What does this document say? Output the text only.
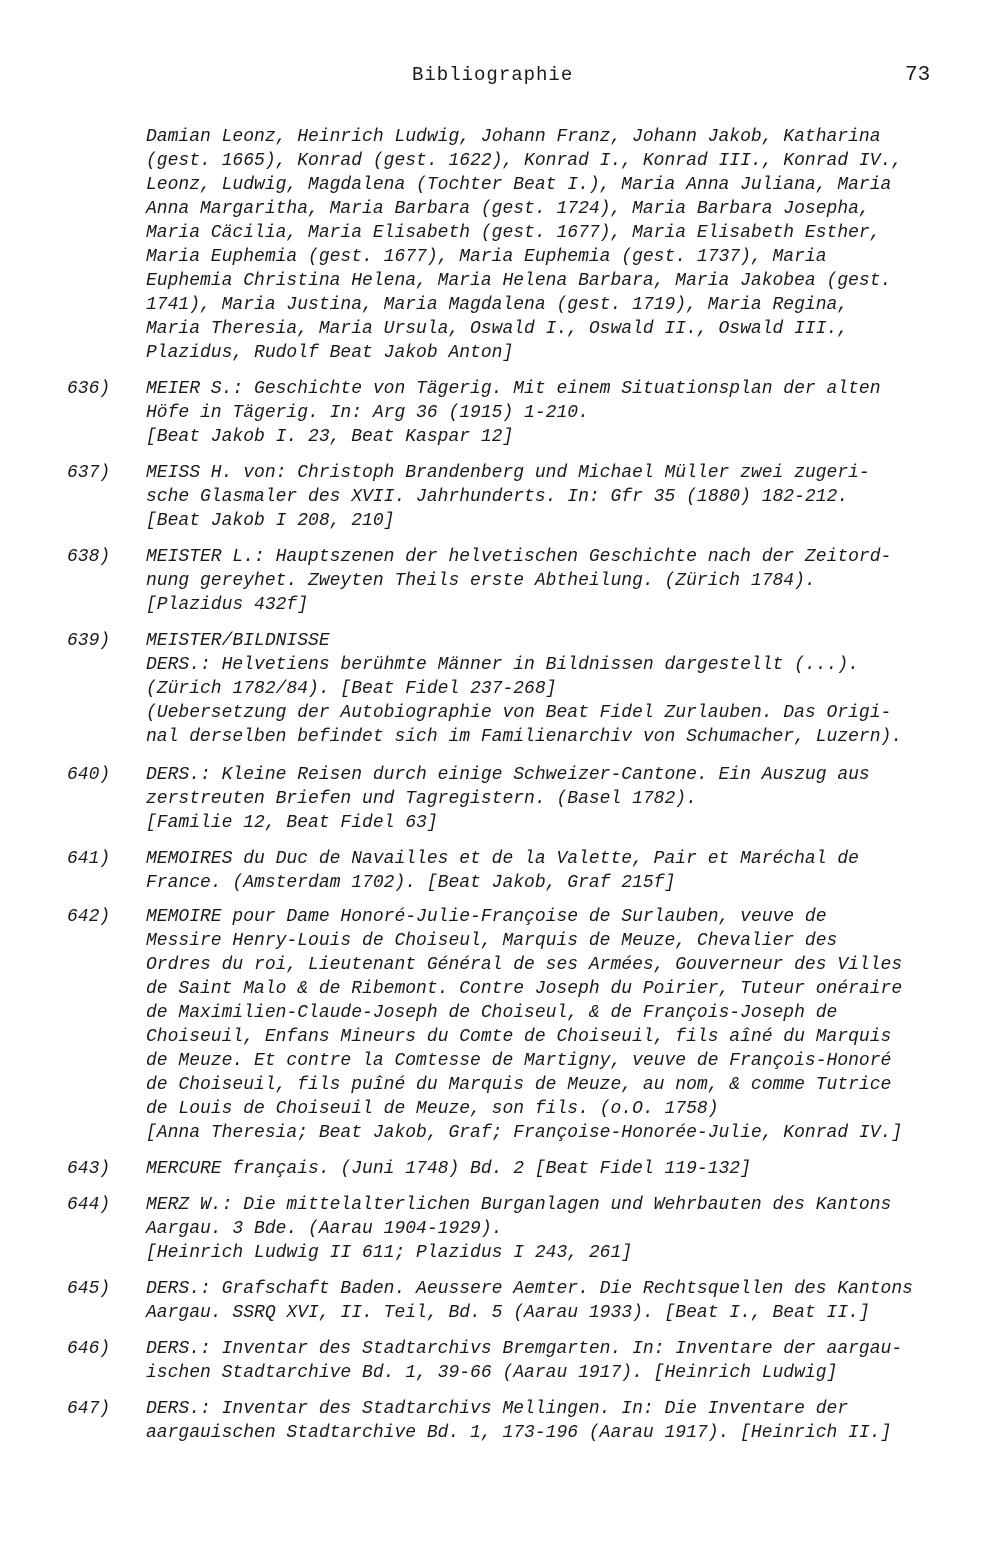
Bibliographie	73
Damian Leonz, Heinrich Ludwig, Johann Franz, Johann Jakob, Katharina
(gest. 1665), Konrad (gest. 1622), Konrad I., Konrad III., Konrad IV.,
Leonz, Ludwig, Magdalena (Tochter Beat I.), Maria Anna Juliana, Maria
Anna Margaritha, Maria Barbara (gest. 1724), Maria Barbara Josepha,
Maria Cäcilia, Maria Elisabeth (gest. 1677), Maria Elisabeth Esther,
Maria Euphemia (gest. 1677), Maria Euphemia (gest. 1737), Maria
Euphemia Christina Helena, Maria Helena Barbara, Maria Jakobea (gest.
1741), Maria Justina, Maria Magdalena (gest. 1719), Maria Regina,
Maria Theresia, Maria Ursula, Oswald I., Oswald II., Oswald III.,
Plazidus, Rudolf Beat Jakob Anton]
636)	MEIER S.: Geschichte von Tägerig. Mit einem Situationsplan der alten
Höfe in Tägerig. In: Arg 36 (1915) 1-210.
[Beat Jakob I. 23, Beat Kaspar 12]
637)	MEISS H. von: Christoph Brandenberg und Michael Müller zwei zugeri-
sche Glasmaler des XVII. Jahrhunderts. In: Gfr 35 (1880) 182-212.
[Beat Jakob I 208, 210]
638)	MEISTER L.: Hauptszenen der helvetischen Geschichte nach der Zeitord-
nung gereyhet. Zweyten Theils erste Abtheilung. (Zürich 1784).
[Plazidus 432f]
639)	MEISTER/BILDNISSE
DERS.: Helvetiens berühmte Männer in Bildnissen dargestellt (...).
(Zürich 1782/84). [Beat Fidel 237-268]
(Uebersetzung der Autobiographie von Beat Fidel Zurlauben. Das Origi-
nal derselben befindet sich im Familienarchiv von Schumacher, Luzern).
640)	DERS.: Kleine Reisen durch einige Schweizer-Cantone. Ein Auszug aus
zerstreuten Briefen und Tagregistern. (Basel 1782).
[Familie 12, Beat Fidel 63]
641)	MEMOIRES du Duc de Navailles et de la Valette, Pair et Maréchal de
France. (Amsterdam 1702). [Beat Jakob, Graf 215f]
642)	MEMOIRE pour Dame Honoré-Julie-Françoise de Surlauben, veuve de
Messire Henry-Louis de Choiseul, Marquis de Meuze, Chevalier des
Ordres du roi, Lieutenant Général de ses Armées, Gouverneur des Villes
de Saint Malo & de Ribemont. Contre Joseph du Poirier, Tuteur onéraire
de Maximilien-Claude-Joseph de Choiseul, & de François-Joseph de
Choiseuil, Enfans Mineurs du Comte de Choiseuil, fils aîné du Marquis
de Meuze. Et contre la Comtesse de Martigny, veuve de François-Honoré
de Choiseuil, fils puîné du Marquis de Meuze, au nom, & comme Tutrice
de Louis de Choiseuil de Meuze, son fils. (o.O. 1758)
[Anna Theresia; Beat Jakob, Graf; Françoise-Honorée-Julie, Konrad IV.]
643)	MERCURE français. (Juni 1748) Bd. 2 [Beat Fidel 119-132]
644)	MERZ W.: Die mittelalterlichen Burganlagen und Wehrbauten des Kantons
Aargau. 3 Bde. (Aarau 1904-1929).
[Heinrich Ludwig II 611; Plazidus I 243, 261]
645)	DERS.: Grafschaft Baden. Aeussere Aemter. Die Rechtsquellen des Kantons
Aargau. SSRQ XVI, II. Teil, Bd. 5 (Aarau 1933). [Beat I., Beat II.]
646)	DERS.: Inventar des Stadtarchivs Bremgarten. In: Inventare der aargau-
ischen Stadtarchive Bd. 1, 39-66 (Aarau 1917). [Heinrich Ludwig]
647)	DERS.: Inventar des Stadtarchivs Mellingen. In: Die Inventare der
aargauischen Stadtarchive Bd. 1, 173-196 (Aarau 1917). [Heinrich II.]
